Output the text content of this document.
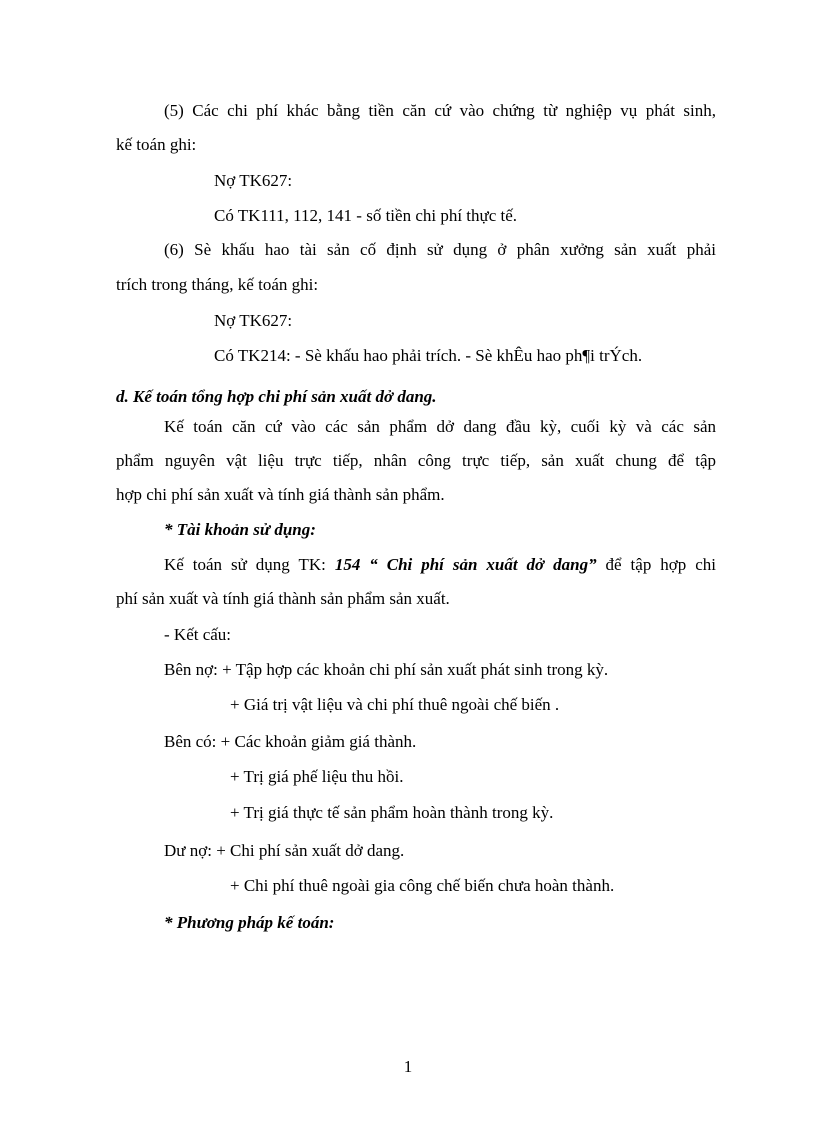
(5) Các chi phí khác bằng tiền căn cứ vào chứng từ nghiệp vụ phát sinh,
kế toán ghi:
Nợ TK627:
Có TK111, 112, 141 - số tiền chi phí thực tế.
(6) Sè khấu hao tài sản cố định sử dụng ở phân xưởng sản xuất phải
trích trong tháng, kế toán ghi:
Nợ TK627:
Có TK214: - Sè khấu hao phải trích. - Sè khÊu hao ph¶i trÝch.
d. Kế toán tổng hợp chi phí sản xuất dở dang.
Kế toán căn cứ vào các sản phẩm dở dang đầu kỳ, cuối kỳ và các sản
phẩm nguyên vật liệu trực tiếp, nhân công trực tiếp, sản xuất chung để tập
hợp chi phí sản xuất và tính giá thành sản phẩm.
* Tài khoản sử dụng:
Kế toán sử dụng TK: 154 “ Chi phí sản xuất dở dang” để tập hợp chi
phí sản xuất và tính giá thành sản phẩm sản xuất.
- Kết cấu:
Bên nợ: + Tập hợp các khoản chi phí sản xuất phát sinh trong kỳ.
+ Giá trị vật liệu và chi phí thuê ngoài chế biến .
Bên có: + Các khoản giảm giá thành.
+ Trị giá phế liệu thu hồi.
+ Trị giá thực tế sản phẩm hoàn thành trong kỳ.
Dư nợ: + Chi phí sản xuất dở dang.
+ Chi phí thuê ngoài gia công chế biến chưa hoàn thành.
* Phương pháp kế toán:
1
